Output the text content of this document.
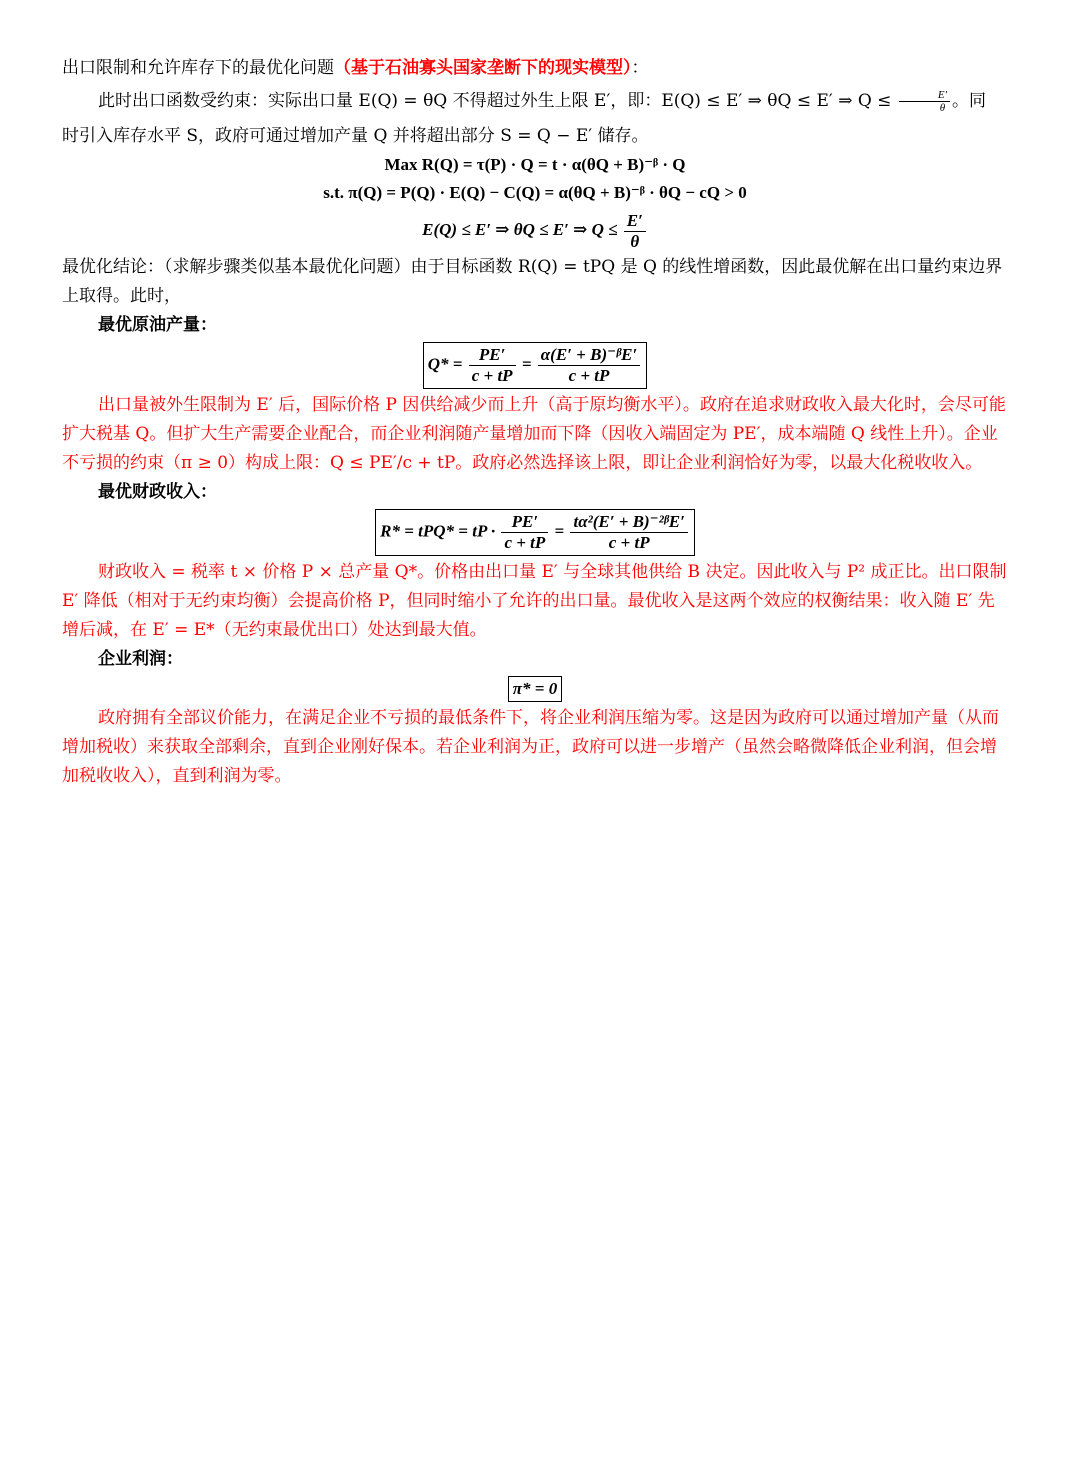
出口限制和允许库存下的最优化问题（基于石油寡头国家垄断下的现实模型）：

此时出口函数受约束：实际出口量 E(Q) = θQ 不得超过外生上限 E′，即：E(Q) ≤ E′ ⇒ θQ ≤ E′ ⇒ $Q \le \frac{E'}{\theta}$ 。同

时引入库存水平 S，政府可通过增加产量 Q 并将超出部分 S = Q − E′ 储存。

Max R(Q) = τ(P) · Q = t · α(θQ + B)⁻ᵝ · Q
s.t. π(Q) = P(Q) · E(Q) − C(Q) = α(θQ + B)⁻ᵝ · θQ − cQ > 0
E(Q) ≤ E′ ⇒ θQ ≤ E′ ⇒ $Q \le \frac{E'}{\theta}$

最优化结论：（求解步骤类似基本最优化问题）由于目标函数 R(Q) = tPQ 是 Q 的线性增函数，因此最优解在出口量约束边界上取得。此时，

最优原油产量：

$Q* = \frac{PE'}{c + tP} = \frac{\text{α(E′ + B)⁻ᵝE′}}{c + tP}$

出口量被外生限制为 E′ 后，国际价格 P 因供给减少而上升（高于原均衡水平）。政府在追求财政收入最大化时，会尽可能扩大税基 Q。但扩大生产需要企业配合，而企业利润随产量增加而下降（因收入端固定为 PE′，成本端随 Q 线性上升）。企业不亏损的约束（π ≥ 0）构成上限：Q ≤ PE′/c + tP。政府必然选择该上限，即让企业利润恰好为零，以最大化税收收入。

最优财政收入：

R* = tPQ* = tP · $\frac{PE'}{c + tP} = \frac{\text{tα²(E′ + B)⁻²ᵝE′}}{c + tP}$

财政收入 = 税率 t × 价格 P × 总产量 Q*。价格由出口量 E′ 与全球其他供给 B 决定。因此收入与 P² 成正比。出口限制 E′ 降低（相对于无约束均衡）会提高价格 P，但同时缩小了允许的出口量。最优收入是这两个效应的权衡结果：收入随 E′ 先增后减，在 E′ = E*（无约束最优出口）处达到最大值。

企业利润：

π* = 0

政府拥有全部议价能力，在满足企业不亏损的最低条件下，将企业利润压缩为零。这是因为政府可以通过增加产量（从而增加税收）来获取全部剩余，直到企业刚好保本。若企业利润为正，政府可以进一步增产（虽然会略微降低企业利润，但会增加税收收入），直到利润为零。
